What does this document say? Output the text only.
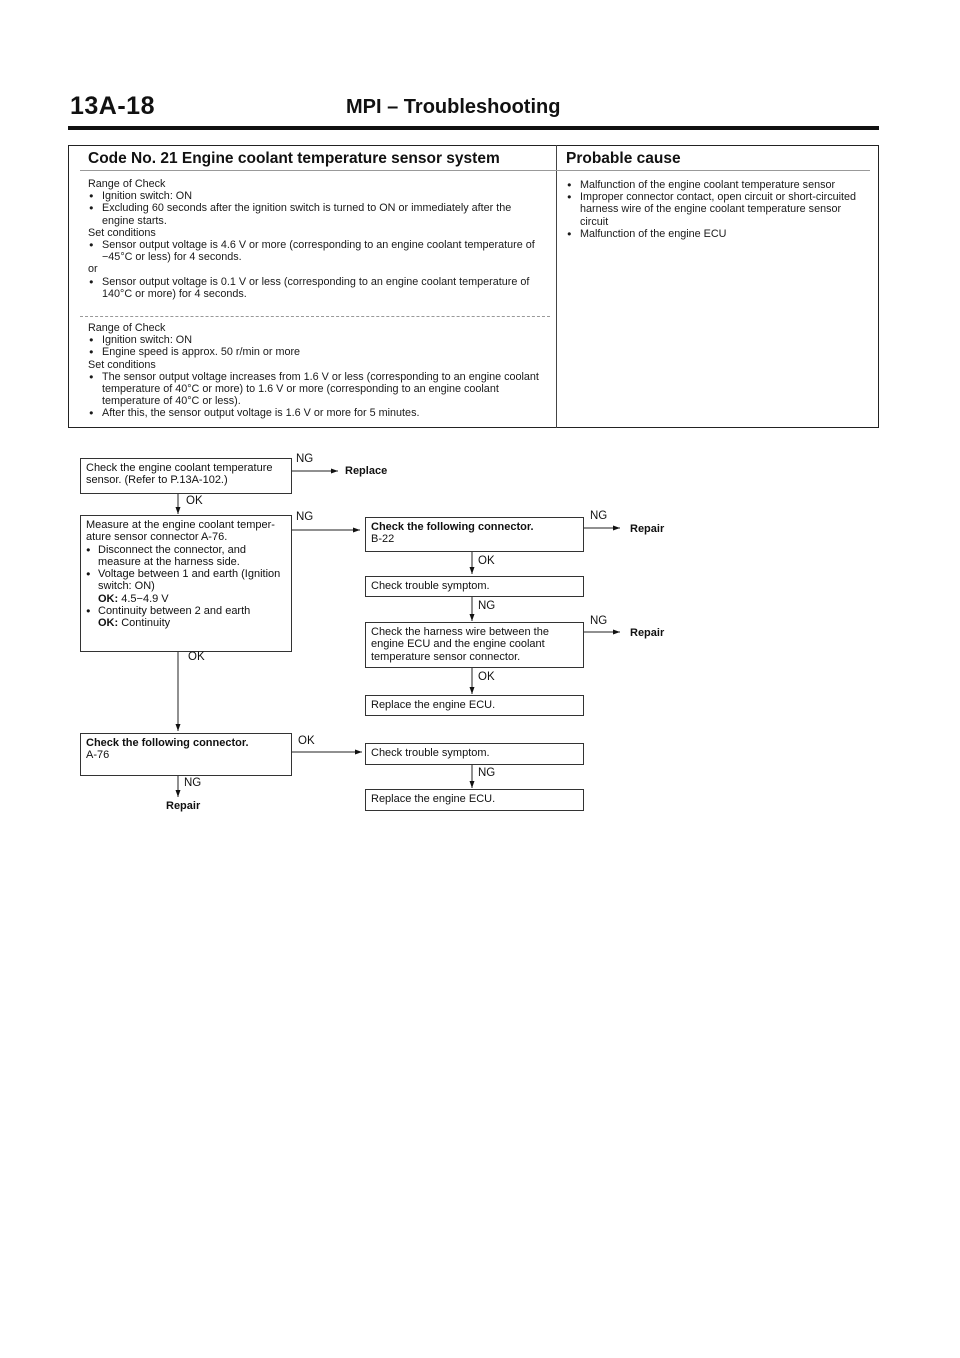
13A-18	MPI – Troubleshooting
Code No. 21 Engine coolant temperature sensor system	Probable cause
Range of Check
● Ignition switch: ON
● Excluding 60 seconds after the ignition switch is turned to ON or immediately after the engine starts.
Set conditions
● Sensor output voltage is 4.6 V or more (corresponding to an engine coolant temperature of −45°C or less) for 4 seconds.
or
● Sensor output voltage is 0.1 V or less (corresponding to an engine coolant temperature of 140°C or more) for 4 seconds.
Range of Check
● Ignition switch: ON
● Engine speed is approx. 50 r/min or more
Set conditions
● The sensor output voltage increases from 1.6 V or less (corresponding to an engine coolant temperature of 40°C or more) to 1.6 V or more (corresponding to an engine coolant temperature of 40°C or less).
● After this, the sensor output voltage is 1.6 V or more for 5 minutes.
● Malfunction of the engine coolant temperature sensor
● Improper connector contact, open circuit or short-circuited harness wire of the engine coolant temperature sensor circuit
● Malfunction of the engine ECU
Check the engine coolant temperature sensor. (Refer to P.13A-102.)
NG
Replace
OK
Measure at the engine coolant temper- ature sensor connector A-76.
● Disconnect the connector, and measure at the harness side.
● Voltage between 1 and earth (Ignition switch: ON)
OK: 4.5−4.9 V
● Continuity between 2 and earth
OK: Continuity
NG
OK
Check the following connector.
B-22
NG
Repair
OK
Check trouble symptom.
NG
Check the harness wire between the engine ECU and the engine coolant temperature sensor connector.
NG
Repair
OK
Replace the engine ECU.
Check the following connector.
A-76
OK
NG
Repair
Check trouble symptom.
NG
Replace the engine ECU.
